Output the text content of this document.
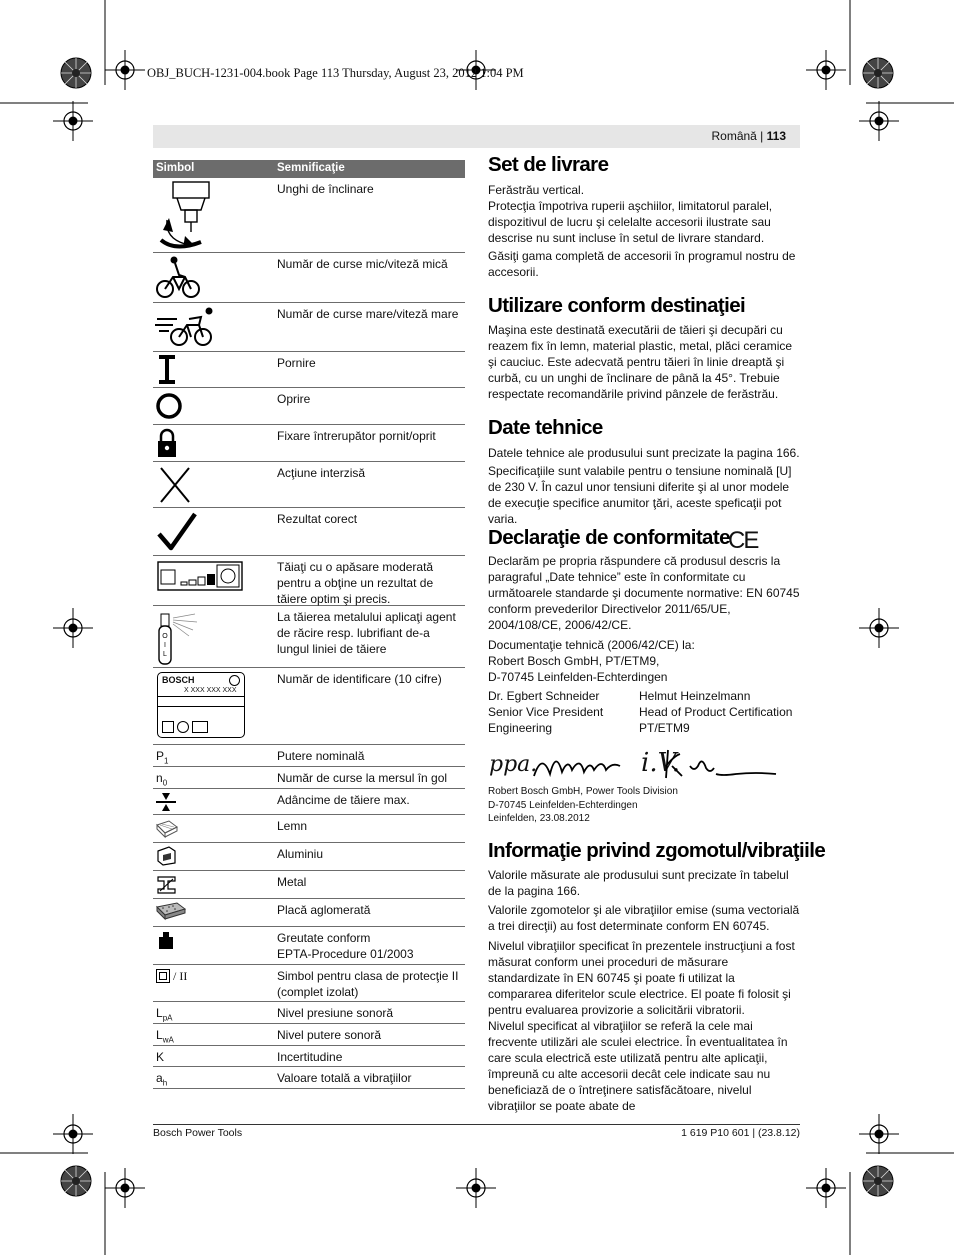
OBJ_BUCH-1231-004.book Page 113 Thursday, August 23, 2012 1:04 PM
Română | 113
Simbol	Semnificaţie
Unghi de înclinare
Număr de curse mic/viteză mică
Număr de curse mare/viteză mare
Pornire
Oprire
Fixare întrerupător pornit/oprit
Acţiune interzisă
Rezultat corect
Tăiaţi cu o apăsare moderată pentru a obţine un rezultat de tăiere optim şi precis.
O
I
L
La tăierea metalului aplicaţi agent de răcire resp. lubrifiant de-a lungul liniei de tăiere
BOSCH
X XXX XXX XXX
Număr de identificare (10 cifre)
$P_1$	Putere nominală
$n_0$	Număr de curse la mersul în gol
Adâncime de tăiere max.
Lemn
Aluminiu
Metal
Placă aglomerată
Greutate conform
EPTA-Procedure 01/2003
/ II	Simbol pentru clasa de protecţie II (complet izolat)
$L_{pA}$	Nivel presiune sonoră
$L_{wA}$	Nivel putere sonoră
K	Incertitudine
$a_h$	Valoare totală a vibraţiilor
Set de livrare
Ferăstrău vertical.
Protecţia împotriva ruperii aşchiilor, limitatorul paralel, dispozitivul de lucru şi celelalte accesorii ilustrate sau descrise nu sunt incluse în setul de livrare standard.
Găsiţi gama completă de accesorii în programul nostru de accesorii.
Utilizare conform destinaţiei
Maşina este destinată executării de tăieri şi decupări cu reazem fix în lemn, material plastic, metal, plăci ceramice şi cauciuc. Este adecvată pentru tăieri în linie dreaptă şi curbă, cu un unghi de înclinare de până la 45°. Trebuie respectate recomandările privind pânzele de ferăstrău.
Date tehnice
Datele tehnice ale produsului sunt precizate la pagina 166.
Specificaţiile sunt valabile pentru o tensiune nominală [U] de 230 V. În cazul unor tensiuni diferite şi al unor modele de execuţie specifice anumitor ţări, aceste speficaţii pot varia.
Declaraţie de conformitate
CE
Declarăm pe propria răspundere că produsul descris la paragraful „Date tehnice” este în conformitate cu următoarele standarde şi documente normative: EN 60745 conform prevederilor Directivelor 2011/65/UE, 2004/108/CE, 2006/42/CE.
Documentaţie tehnică (2006/42/CE) la:
Robert Bosch GmbH, PT/ETM9,
D-70745 Leinfelden-Echterdingen
Dr. Egbert Schneider
Senior Vice President
Engineering
Helmut Heinzelmann
Head of Product Certification
PT/ETM9
ppa.	i.V.
Robert Bosch GmbH, Power Tools Division
D-70745 Leinfelden-Echterdingen
Leinfelden, 23.08.2012
Informaţie privind zgomotul/vibraţiile
Valorile măsurate ale produsului sunt precizate în tabelul de la pagina 166.
Valorile zgomotelor şi ale vibraţiilor emise (suma vectorială a trei direcţii) au fost determinate conform EN 60745.
Nivelul vibraţiilor specificat în prezentele instrucţiuni a fost măsurat conform unei proceduri de măsurare standardizate în EN 60745 şi poate fi utilizat la compararea diferitelor scule electrice. El poate fi folosit şi pentru evaluarea provizorie a solicitării vibratorii.
Nivelul specificat al vibraţiilor se referă la cele mai frecvente utilizări ale sculei electrice. În eventualitatea în care scula electrică este utilizată pentru alte aplicaţii, împreună cu alte accesorii decât cele indicate sau nu beneficiază de o întreţinere satisfăcătoare, nivelul vibraţiilor se poate abate de
Bosch Power Tools	1 619 P10 601 | (23.8.12)
